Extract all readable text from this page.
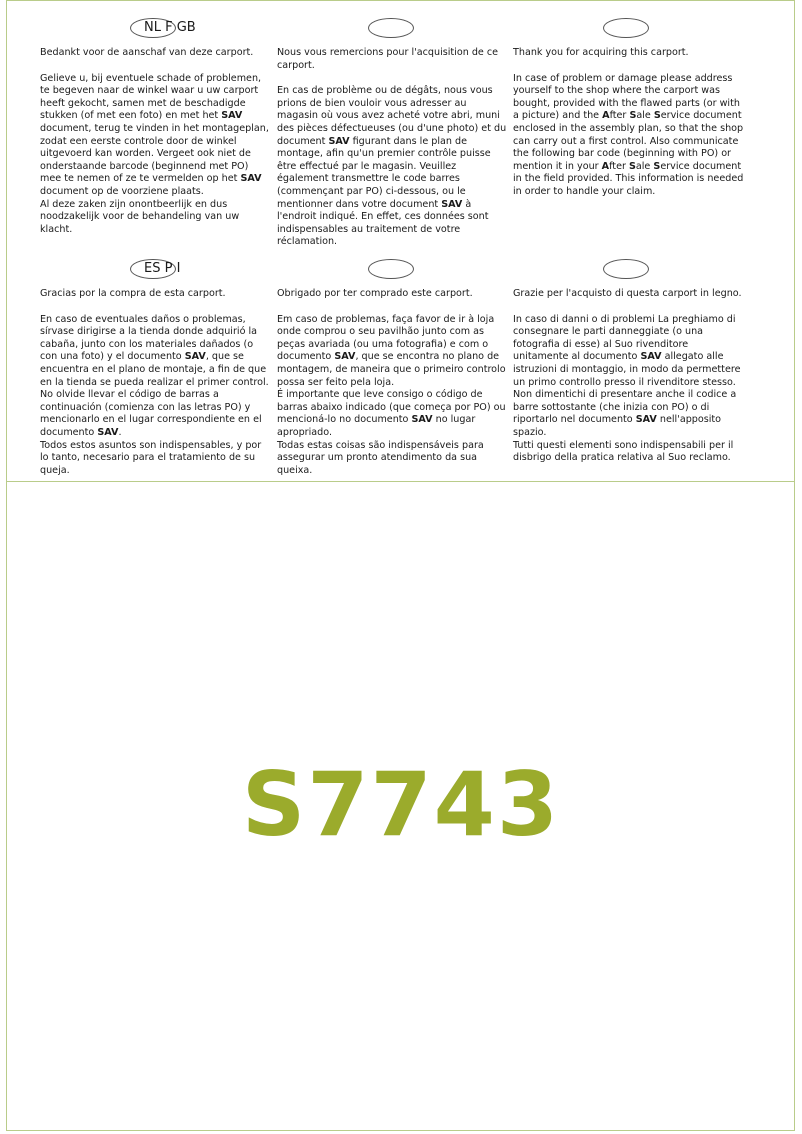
NL F GB

Bedankt voor de aanschaf van deze carport.

Gelieve u, bij eventuele schade of problemen, te begeven naar de winkel waar u uw carport heeft gekocht, samen met de beschadigde stukken (of met een foto) en met het SAV document, terug te vinden in het montageplan, zodat een eerste controle door de winkel uitgevoerd kan worden. Vergeet ook niet de onderstaande barcode (beginnend met PO) mee te nemen of ze te vermelden op het SAV document op de voorziene plaats.

Al deze zaken zijn onontbeerlijk en dus noodzakelijk voor de behandeling van uw klacht.

Nous vous remercions pour l'acquisition de ce carport.

En cas de problème ou de dégâts, nous vous prions de bien vouloir vous adresser au magasin où vous avez acheté votre abri, muni des pièces défectueuses (ou d'une photo) et du document SAV figurant dans le plan de montage, afin qu'un premier contrôle puisse être effectué par le magasin. Veuillez également transmettre le code barres (commençant par PO) ci-dessous, ou le mentionner dans votre document SAV à l'endroit indiqué. En effet, ces données sont indispensables au traitement de votre réclamation.

Thank you for acquiring this carport.

In case of problem or damage please address yourself to the shop where the carport was bought, provided with the flawed parts (or with a picture) and the After Sale Service document enclosed in the assembly plan, so that the shop can carry out a first control. Also communicate the following bar code (beginning with PO) or mention it in your After Sale Service document in the field provided. This information is needed in order to handle your claim.

ES P I

Gracias por la compra de esta carport.

En caso de eventuales daños o problemas, sírvase dirigirse a la tienda donde adquirió la cabaña, junto con los materiales dañados (o con una foto) y el documento SAV, que se encuentra en el plano de montaje, a fin de que en la tienda se pueda realizar el primer control.

No olvide llevar el código de barras a continuación (comienza con las letras PO) y mencionarlo en el lugar correspondiente en el documento SAV.

Todos estos asuntos son indispensables, y por lo tanto, necesario para el tratamiento de su queja.

Obrigado por ter comprado este carport.

Em caso de problemas, faça favor de ir à loja onde comprou o seu pavilhão junto com as peças avariada (ou uma fotografia) e com o documento SAV, que se encontra no plano de montagem, de maneira que o primeiro controlo possa ser feito pela loja.

É importante que leve consigo o código de barras abaixo indicado (que começa por PO) ou mencioná-lo no documento SAV no lugar apropriado.

Todas estas coisas são indispensáveis para assegurar um pronto atendimento da sua queixa.

Grazie per l'acquisto di questa carport in legno.

In caso di danni o di problemi La preghiamo di consegnare le parti danneggiate (o una fotografia di esse) al Suo rivenditore unitamente al documento SAV allegato alle istruzioni di montaggio, in modo da permettere un primo controllo presso il rivenditore stesso.

Non dimentichi di presentare anche il codice a barre sottostante (che inizia con PO) o di riportarlo nel documento SAV nell'apposito spazio.

Tutti questi elementi sono indispensabili per il disbrigo della pratica relativa al Suo reclamo.

S7743
